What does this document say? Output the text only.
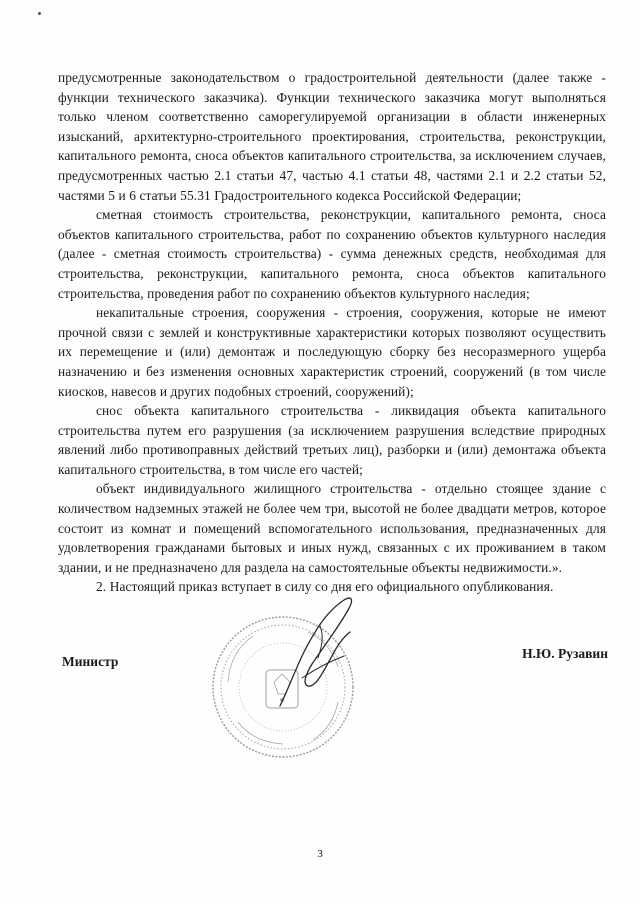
предусмотренные законодательством о градостроительной деятельности (далее также - функции технического заказчика). Функции технического заказчика могут выполняться только членом соответственно саморегулируемой организации в области инженерных изысканий, архитектурно-строительного проектирования, строительства, реконструкции, капитального ремонта, сноса объектов капитального строительства, за исключением случаев, предусмотренных частью 2.1 статьи 47, частью 4.1 статьи 48, частями 2.1 и 2.2 статьи 52, частями 5 и 6 статьи 55.31 Градостроительного кодекса Российской Федерации;

сметная стоимость строительства, реконструкции, капитального ремонта, сноса объектов капитального строительства, работ по сохранению объектов культурного наследия (далее - сметная стоимость строительства) - сумма денежных средств, необходимая для строительства, реконструкции, капитального ремонта, сноса объектов капитального строительства, проведения работ по сохранению объектов культурного наследия;

некапитальные строения, сооружения - строения, сооружения, которые не имеют прочной связи с землей и конструктивные характеристики которых позволяют осуществить их перемещение и (или) демонтаж и последующую сборку без несоразмерного ущерба назначению и без изменения основных характеристик строений, сооружений (в том числе киосков, навесов и других подобных строений, сооружений);

снос объекта капитального строительства - ликвидация объекта капитального строительства путем его разрушения (за исключением разрушения вследствие природных явлений либо противоправных действий третьих лиц), разборки и (или) демонтажа объекта капитального строительства, в том числе его частей;

объект индивидуального жилищного строительства - отдельно стоящее здание с количеством надземных этажей не более чем три, высотой не более двадцати метров, которое состоит из комнат и помещений вспомогательного использования, предназначенных для удовлетворения гражданами бытовых и иных нужд, связанных с их проживанием в таком здании, и не предназначено для раздела на самостоятельные объекты недвижимости.».

2. Настоящий приказ вступает в силу со дня его официального опубликования.

Министр
Н.Ю. Рузавин
3
